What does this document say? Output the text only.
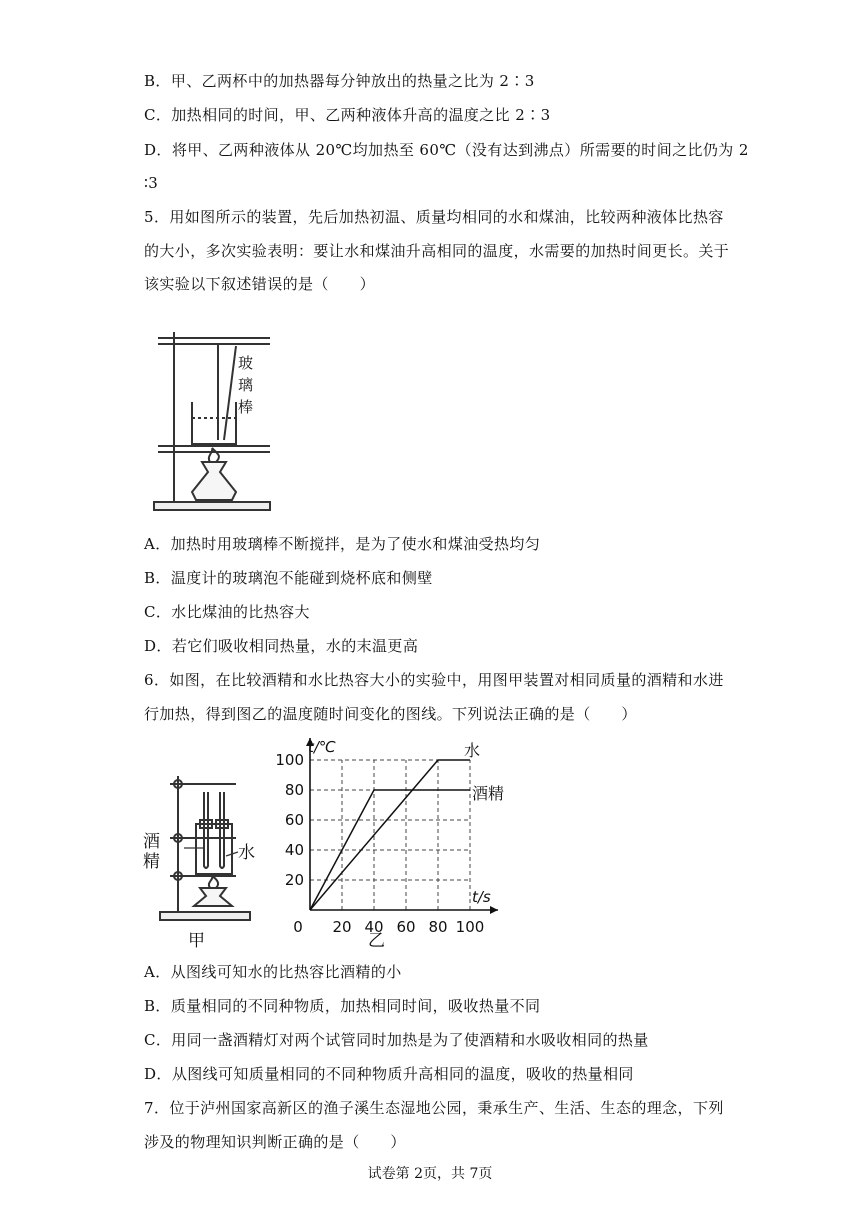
B．甲、乙两杯中的加热器每分钟放出的热量之比为 2∶3
C．加热相同的时间，甲、乙两种液体升高的温度之比 2∶3
D．将甲、乙两种液体从 20℃均加热至 60℃（没有达到沸点）所需要的时间之比仍为 2
∶3
5．用如图所示的装置，先后加热初温、质量均相同的水和煤油，比较两种液体比热容
的大小，多次实验表明：要让水和煤油升高相同的温度，水需要的加热时间更长。关于
该实验以下叙述错误的是（　　）
玻
璃
棒
A．加热时用玻璃棒不断搅拌，是为了使水和煤油受热均匀
B．温度计的玻璃泡不能碰到烧杯底和侧壁
C．水比煤油的比热容大
D．若它们吸收相同热量，水的末温更高
6．如图，在比较酒精和水比热容大小的实验中，用图甲装置对相同质量的酒精和水进
行加热，得到图乙的温度随时间变化的图线。下列说法正确的是（　　）
酒
精	水
甲
0 20 40 60 80 100
20
40
60
80
100
t/℃
t/s
水
酒精
乙
A．从图线可知水的比热容比酒精的小
B．质量相同的不同种物质，加热相同时间，吸收热量不同
C．用同一盏酒精灯对两个试管同时加热是为了使酒精和水吸收相同的热量
D．从图线可知质量相同的不同种物质升高相同的温度，吸收的热量相同
7．位于泸州国家高新区的渔子溪生态湿地公园，秉承生产、生活、生态的理念，下列
涉及的物理知识判断正确的是（　　）
试卷第 2页，共 7页
